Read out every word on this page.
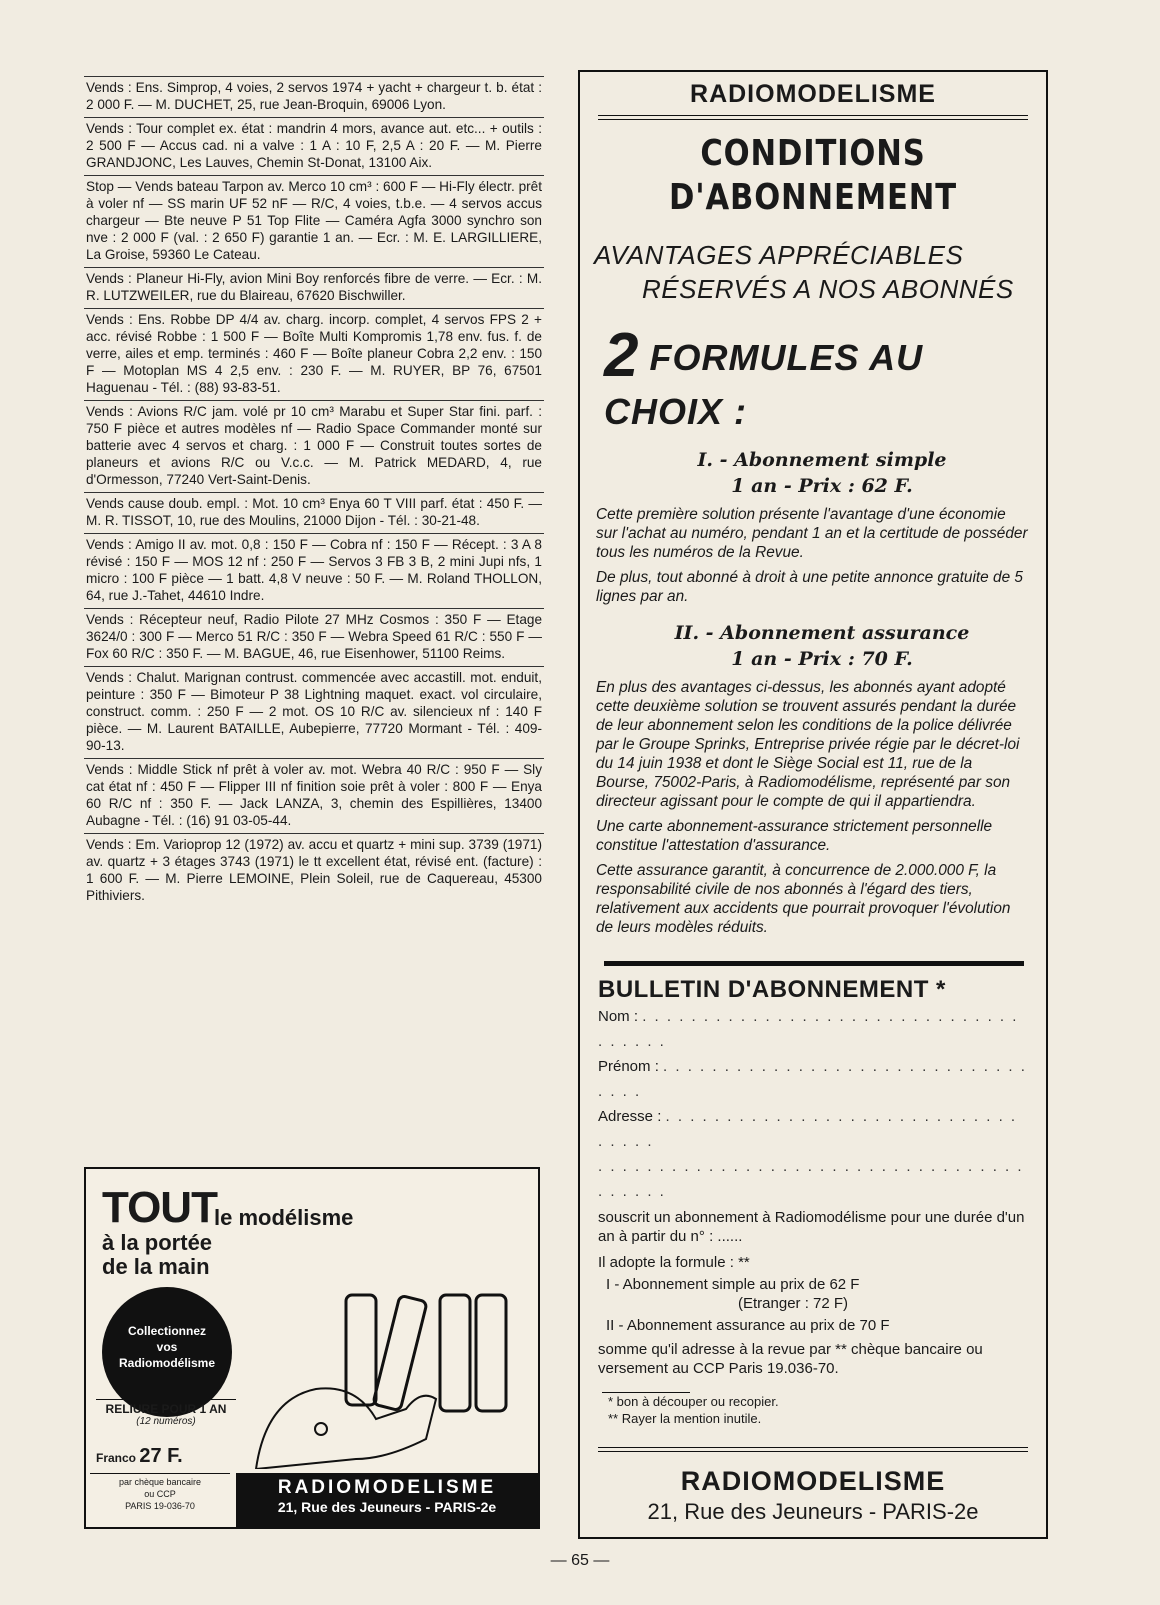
Vends : Ens. Simprop, 4 voies, 2 servos 1974 + yacht + chargeur t. b. état : 2 000 F. — M. DUCHET, 25, rue Jean-Broquin, 69006 Lyon.
Vends : Tour complet ex. état : mandrin 4 mors, avance aut. etc... + outils : 2 500 F — Accus cad. ni a valve : 1 A : 10 F, 2,5 A : 20 F. — M. Pierre GRANDJONC, Les Lauves, Chemin St-Donat, 13100 Aix.
Stop — Vends bateau Tarpon av. Merco 10 cm³ : 600 F — Hi-Fly électr. prêt à voler nf — SS marin UF 52 nF — R/C, 4 voies, t.b.e. — 4 servos accus chargeur — Bte neuve P 51 Top Flite — Caméra Agfa 3000 synchro son nve : 2 000 F (val. : 2 650 F) garantie 1 an. — Ecr. : M. E. LARGILLIERE, La Groise, 59360 Le Cateau.
Vends : Planeur Hi-Fly, avion Mini Boy renforcés fibre de verre. — Ecr. : M. R. LUTZWEILER, rue du Blaireau, 67620 Bischwiller.
Vends : Ens. Robbe DP 4/4 av. charg. incorp. complet, 4 servos FPS 2 + acc. révisé Robbe : 1 500 F — Boîte Multi Kompromis 1,78 env. fus. f. de verre, ailes et emp. terminés : 460 F — Boîte planeur Cobra 2,2 env. : 150 F — Motoplan MS 4 2,5 env. : 230 F. — M. RUYER, BP 76, 67501 Haguenau - Tél. : (88) 93-83-51.
Vends : Avions R/C jam. volé pr 10 cm³ Marabu et Super Star fini. parf. : 750 F pièce et autres modèles nf — Radio Space Commander monté sur batterie avec 4 servos et charg. : 1 000 F — Construit toutes sortes de planeurs et avions R/C ou V.c.c. — M. Patrick MEDARD, 4, rue d'Ormesson, 77240 Vert-Saint-Denis.
Vends cause doub. empl. : Mot. 10 cm³ Enya 60 T VIII parf. état : 450 F. — M. R. TISSOT, 10, rue des Moulins, 21000 Dijon - Tél. : 30-21-48.
Vends : Amigo II av. mot. 0,8 : 150 F — Cobra nf : 150 F — Récept. : 3 A 8 révisé : 150 F — MOS 12 nf : 250 F — Servos 3 FB 3 B, 2 mini Jupi nfs, 1 micro : 100 F pièce — 1 batt. 4,8 V neuve : 50 F. — M. Roland THOLLON, 64, rue J.-Tahet, 44610 Indre.
Vends : Récepteur neuf, Radio Pilote 27 MHz Cosmos : 350 F — Etage 3624/0 : 300 F — Merco 51 R/C : 350 F — Webra Speed 61 R/C : 550 F — Fox 60 R/C : 350 F. — M. BAGUE, 46, rue Eisenhower, 51100 Reims.
Vends : Chalut. Marignan contrust. commencée avec accastill. mot. enduit, peinture : 350 F — Bimoteur P 38 Lightning maquet. exact. vol circulaire, construct. comm. : 250 F — 2 mot. OS 10 R/C av. silencieux nf : 140 F pièce. — M. Laurent BATAILLE, Aubepierre, 77720 Mormant - Tél. : 409-90-13.
Vends : Middle Stick nf prêt à voler av. mot. Webra 40 R/C : 950 F — Sly cat état nf : 450 F — Flipper III nf finition soie prêt à voler : 800 F — Enya 60 R/C nf : 350 F. — Jack LANZA, 3, chemin des Espillières, 13400 Aubagne - Tél. : (16) 91 03-05-44.
Vends : Em. Varioprop 12 (1972) av. accu et quartz + mini sup. 3739 (1971) av. quartz + 3 étages 3743 (1971) le tt excellent état, révisé ent. (facture) : 1 600 F. — M. Pierre LEMOINE, Plein Soleil, rue de Caquereau, 45300 Pithiviers.
TOUT
le modélisme
à la portée
de la main
Collectionnez
vos
Radiomodélisme
RELIURE POUR 1 AN
(12 numéros)
Franco 27 F.
par chèque bancaire
ou CCP
PARIS 19-036-70
RADIOMODELISME
21, Rue des Jeuneurs - PARIS-2e
RADIOMODELISME
CONDITIONS
D'ABONNEMENT
AVANTAGES APPRÉCIABLES
RÉSERVÉS A NOS ABONNÉS
2 FORMULES AU CHOIX :
I. - Abonnement simple
1 an - Prix : 62 F.
Cette première solution présente l'avantage d'une économie sur l'achat au numéro, pendant 1 an et la certitude de posséder tous les numéros de la Revue.
De plus, tout abonné à droit à une petite annonce gratuite de 5 lignes par an.
II. - Abonnement assurance
1 an - Prix : 70 F.
En plus des avantages ci-dessus, les abonnés ayant adopté cette deuxième solution se trouvent assurés pendant la durée de leur abonnement selon les conditions de la police délivrée par le Groupe Sprinks, Entreprise privée régie par le décret-loi du 14 juin 1938 et dont le Siège Social est 11, rue de la Bourse, 75002-Paris, à Radiomodélisme, représenté par son directeur agissant pour le compte de qui il appartiendra.
Une carte abonnement-assurance strictement personnelle constitue l'attestation d'assurance.
Cette assurance garantit, à concurrence de 2.000.000 F, la responsabilité civile de nos abonnés à l'égard des tiers, relativement aux accidents que pourrait provoquer l'évolution de leurs modèles réduits.
BULLETIN D'ABONNEMENT *
Nom : . . . . . . . . . . . . . . . . . . . . . . . . . . . . . . . . . . . . .
Prénom : . . . . . . . . . . . . . . . . . . . . . . . . . . . . . . . . . .
Adresse : . . . . . . . . . . . . . . . . . . . . . . . . . . . . . . . . . .
. . . . . . . . . . . . . . . . . . . . . . . . . . . . . . . . . . . . . . . . .
souscrit un abonnement à Radiomodélisme pour une durée d'un an à partir du n° : ......
Il adopte la formule : **
I - Abonnement simple au prix de 62 F
(Etranger : 72 F)
II - Abonnement assurance au prix de 70 F
somme qu'il adresse à la revue par ** chèque bancaire ou versement au CCP Paris 19.036-70.
* bon à découper ou recopier.
** Rayer la mention inutile.
RADIOMODELISME
21, Rue des Jeuneurs - PARIS-2e
— 65 —
